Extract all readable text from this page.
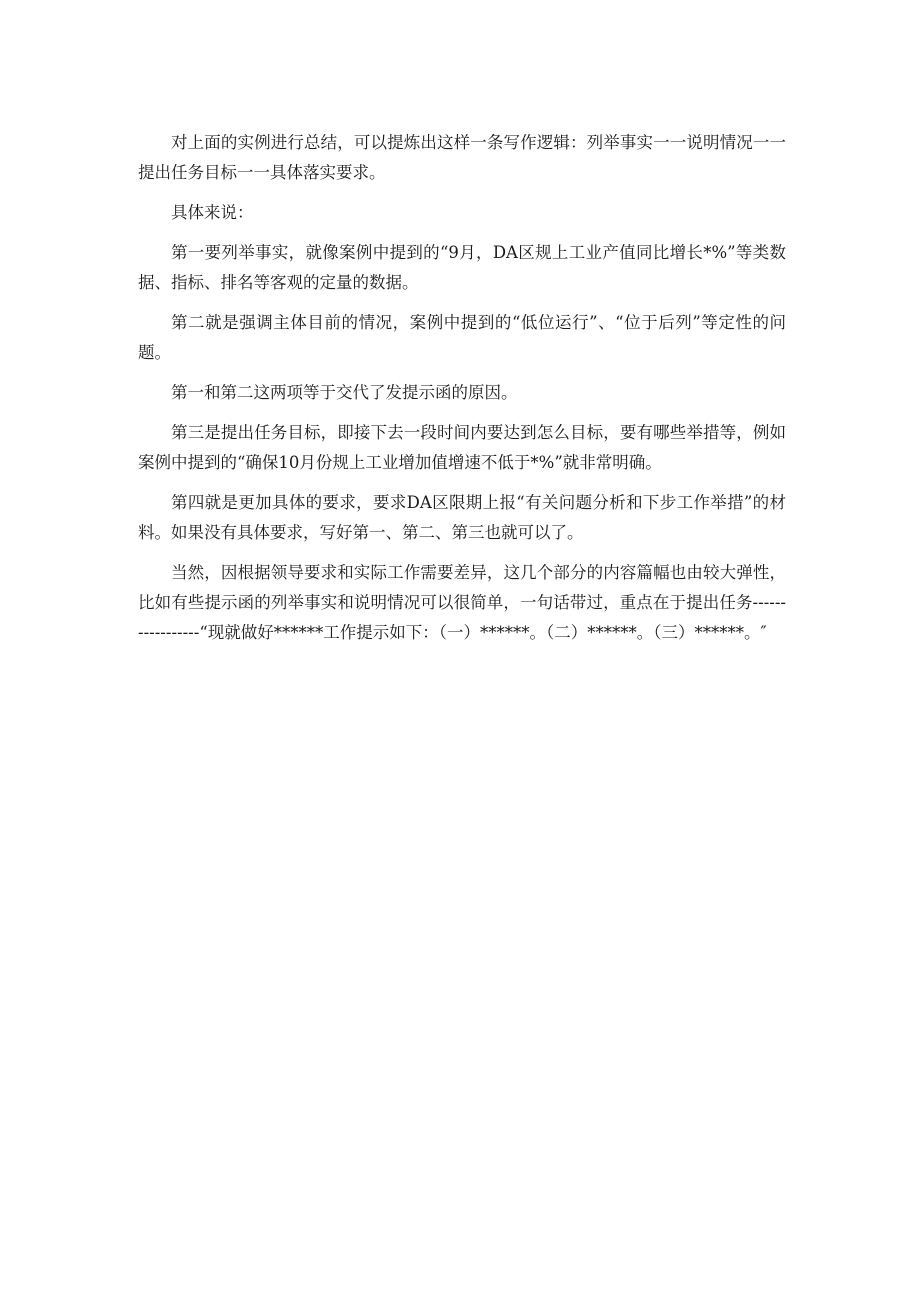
对上面的实例进行总结，可以提炼出这样一条写作逻辑：列举事实一一说明情况一一提出任务目标一一具体落实要求。

具体来说：

第一要列举事实，就像案例中提到的“9月，DA区规上工业产值同比增长*%”等类数据、指标、排名等客观的定量的数据。

第二就是强调主体目前的情况，案例中提到的“低位运行”、“位于后列”等定性的问题。

第一和第二这两项等于交代了发提示函的原因。

第三是提出任务目标，即接下去一段时间内要达到怎么目标，要有哪些举措等，例如案例中提到的“确保10月份规上工业增加值增速不低于*%”就非常明确。

第四就是更加具体的要求，要求DA区限期上报“有关问题分析和下步工作举措”的材料。如果没有具体要求，写好第一、第二、第三也就可以了。

当然，因根据领导要求和实际工作需要差异，这几个部分的内容篇幅也由较大弹性，比如有些提示函的列举事实和说明情况可以很简单，一句话带过，重点在于提出任务-----------------“现就做好******工作提示如下：（一）******。（二）******。（三）******。″
